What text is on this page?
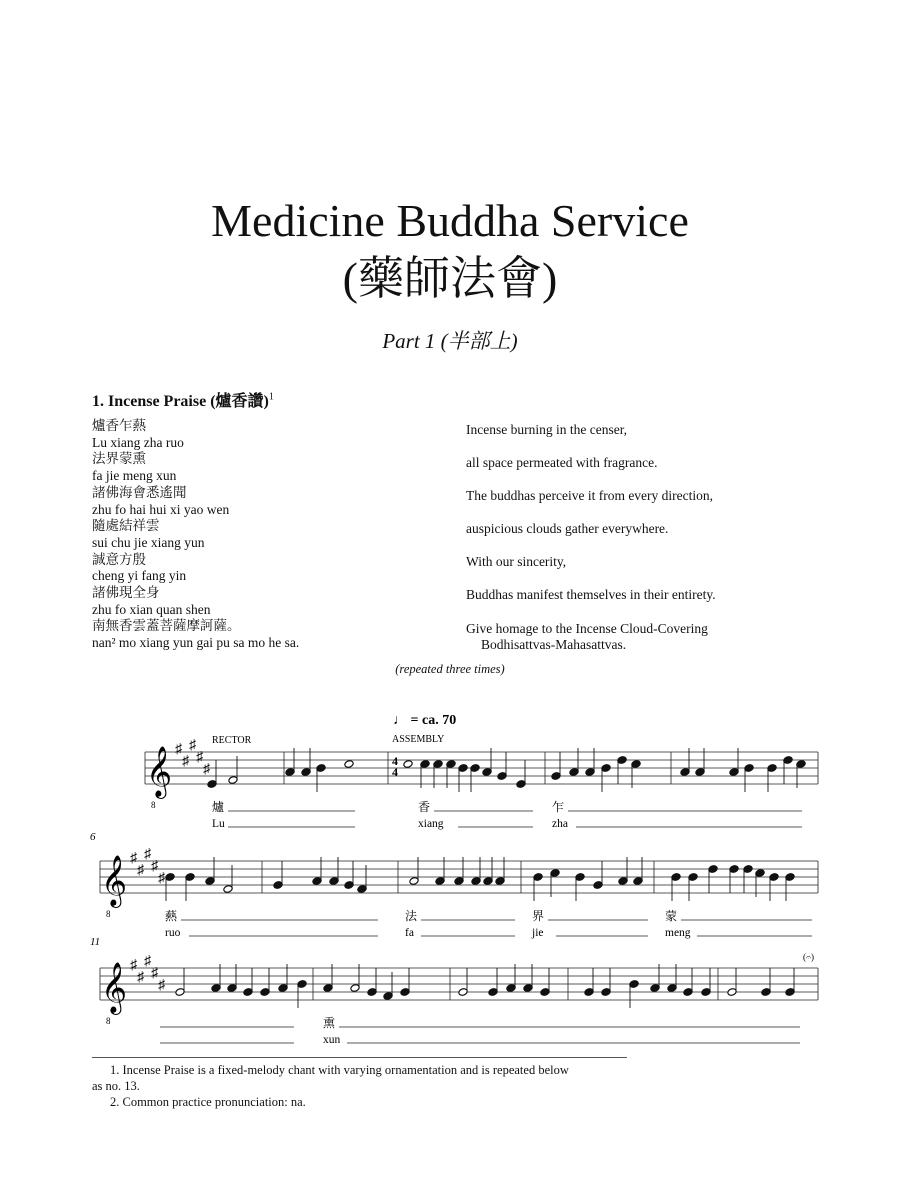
Medicine Buddha Service
(藥師法會)
Part 1 (半部上)
1. Incense Praise (爐香讚)$^1$
爐香乍爇
Lu xiang zha ruo
法界蒙熏
fa jie meng xun
諸佛海會悉遙聞
zhu fo hai hui xi yao wen
隨處結祥雲
sui chu jie xiang yun
誠意方殷
cheng yi fang yin
諸佛現全身
zhu fo xian quan shen
南無香雲蓋菩薩摩訶薩。
nan² mo xiang yun gai pu sa mo he sa.
Incense burning in the censer,
all space permeated with fragrance.
The buddhas perceive it from every direction,
auspicious clouds gather everywhere.
With our sincerity,
Buddhas manifest themselves in their entirety.
Give homage to the Incense Cloud-Covering
Bodhisattvas-Mahasattvas.
(repeated three times)
𝄞
8
♯
♯
♯
♯
♯
爐
Lu
香
xiang
乍
zha
𝄞
8
♯
♯
♯
♯
♯
爇
ruo
法
fa
界
jie
蒙
meng
𝄞
8
♯
♯
♯
♯
♯
熏
xun
♩ = ca. 70
RECTOR	ASSEMBLY
4
4
6
11
(𝄐)
1. Incense Praise is a fixed-melody chant with varying ornamentation and is repeated below
as no. 13.
2. Common practice pronunciation: na.
